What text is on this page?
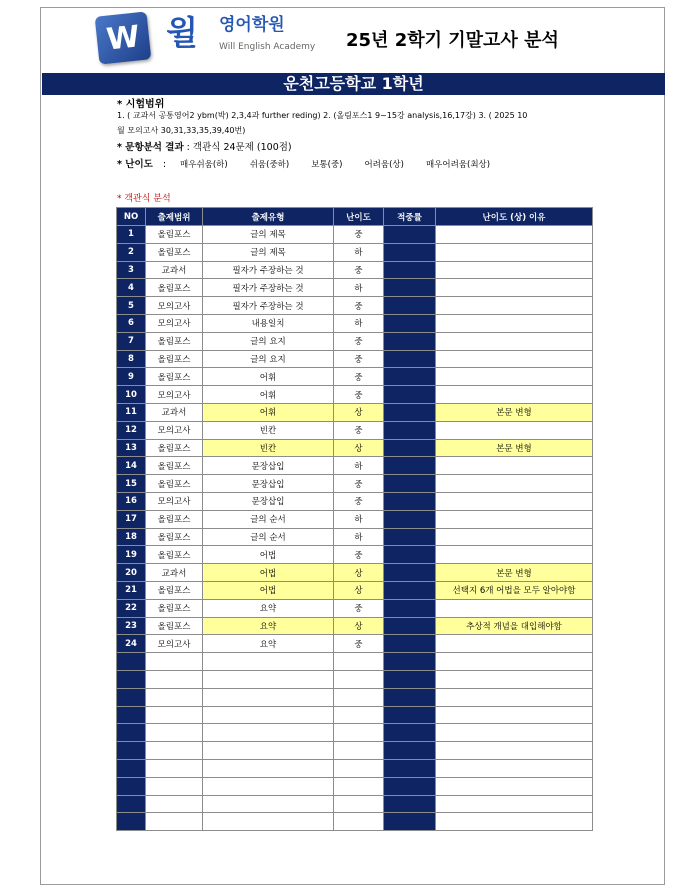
W 윌	영어학원
Will English Academy 25년 2학기 기말고사 분석
운천고등학교 1학년
* 시험범위
1. ( 교과서 공통영어2 ybm(박) 2,3,4과 further reding) 2. (올림포스1 9~15강 analysis,16,17강) 3. ( 2025 10
월 모의고사 30,31,33,35,39,40번)
* 문항분석 결과 : 객관식 24문제 (100점)
* 난이도 : 매우쉬움(하)	쉬움(중하)	보통(중)	어려움(상)	매우어려움(최상)
* 객관식 분석
NO	출제범위	출제유형	난이도	적중률	난이도 (상) 이유
1	올림포스	글의 제목	중		
2	올림포스	글의 제목	하		
3	교과서	필자가 주장하는 것	중		
4	올림포스	필자가 주장하는 것	하		
5	모의고사	필자가 주장하는 것	중		
6	모의고사	내용일치	하		
7	올림포스	글의 요지	중		
8	올림포스	글의 요지	중		
9	올림포스	어휘	중		
10	모의고사	어휘	중		
11	교과서	어휘	상		본문 변형
12	모의고사	빈칸	중		
13	올림포스	빈칸	상		본문 변형
14	올림포스	문장삽입	하		
15	올림포스	문장삽입	중		
16	모의고사	문장삽입	중		
17	올림포스	글의 순서	하		
18	올림포스	글의 순서	하		
19	올림포스	어법	중		
20	교과서	어법	상		본문 변형
21	올림포스	어법	상		선택지 6개 어법을 모두 알아야함
22	올림포스	요약	중		
23	올림포스	요약	상		추상적 개념을 대입해야함
24	모의고사	요약	중		
